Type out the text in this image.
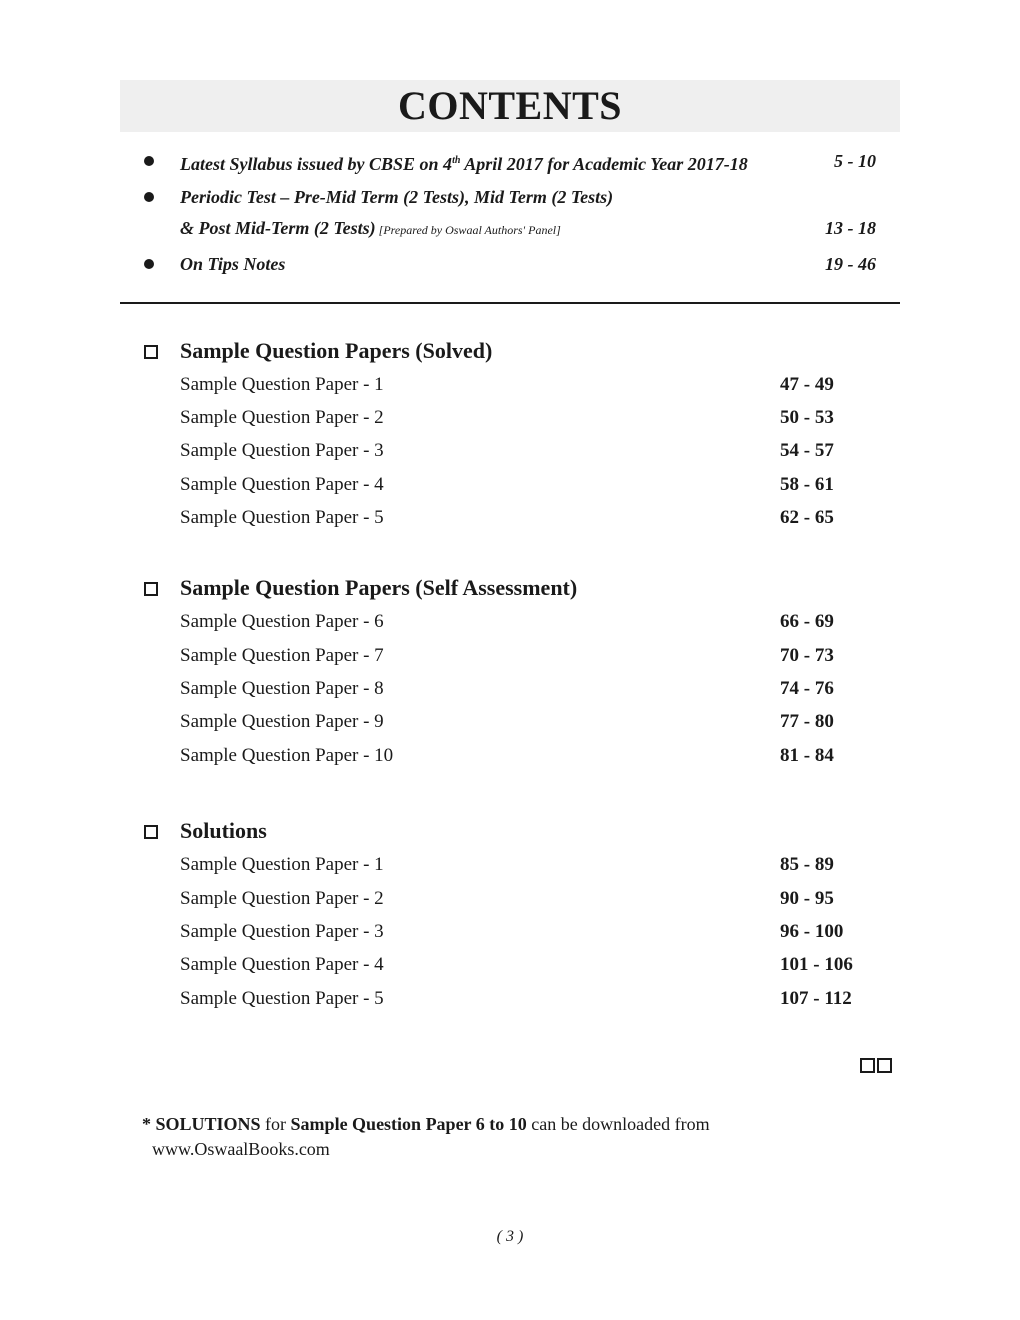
CONTENTS
Latest Syllabus issued by CBSE on 4th April 2017 for Academic Year 2017-18	5 - 10
Periodic Test – Pre-Mid Term (2 Tests), Mid Term (2 Tests)
& Post Mid-Term (2 Tests) [Prepared by Oswaal Authors' Panel]	13 - 18
On Tips Notes	19 - 46
Sample Question Papers (Solved)
Sample Question Paper - 1	47 - 49
Sample Question Paper - 2	50 - 53
Sample Question Paper - 3	54 - 57
Sample Question Paper - 4	58 - 61
Sample Question Paper - 5	62 - 65
Sample Question Papers (Self Assessment)
Sample Question Paper - 6	66 - 69
Sample Question Paper - 7	70 - 73
Sample Question Paper - 8	74 - 76
Sample Question Paper - 9	77 - 80
Sample Question Paper - 10	81 - 84
Solutions
Sample Question Paper - 1	85 - 89
Sample Question Paper - 2	90 - 95
Sample Question Paper - 3	96 - 100
Sample Question Paper - 4	101 - 106
Sample Question Paper - 5	107 - 112
* SOLUTIONS for Sample Question Paper 6 to 10 can be downloaded from
www.OswaalBooks.com
( 3 )
